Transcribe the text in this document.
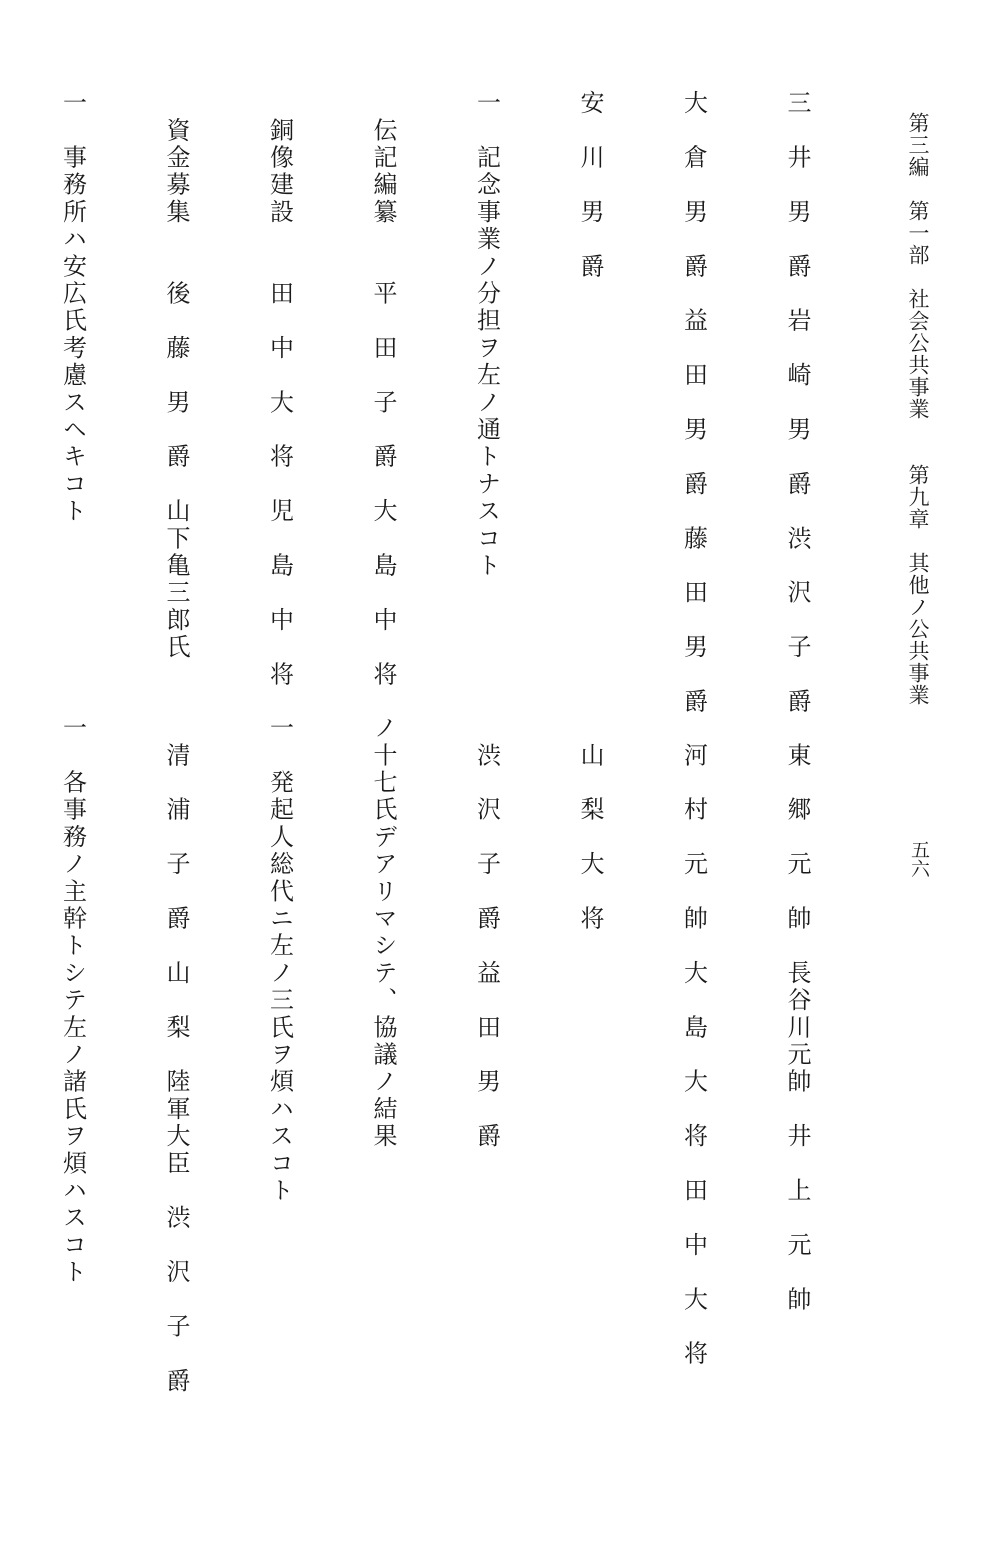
第三編　第一部　社会公共事業　　第九章　其他ノ公共事業
五六

三　井　男　爵　岩　崎　男　爵　渋　沢　子　爵

大　倉　男　爵　益　田　男　爵　藤　田　男　爵

安　川　男　爵

一　記念事業ノ分担ヲ左ノ通トナスコト

　伝記編纂　　平　田　子　爵　大　島　中　将

　銅像建設　　田　中　大　将　児　島　中　将

　資金募集　　後　藤　男　爵　山下亀三郎氏

一　事務所ハ安広氏考慮スヘキコト

　東　郷　元　帥　長谷川元帥　井　上　元　帥

　河　村　元　帥　大　島　大　将　田　中　大　将

　山　梨　大　将

　渋　沢　子　爵　益　田　男　爵

ノ十七氏デアリマシテ、協議ノ結果

一　発起人総代ニ左ノ三氏ヲ煩ハスコト

　清　浦　子　爵　山　梨　陸軍大臣　渋　沢　子　爵

一　各事務ノ主幹トシテ左ノ諸氏ヲ煩ハスコト
